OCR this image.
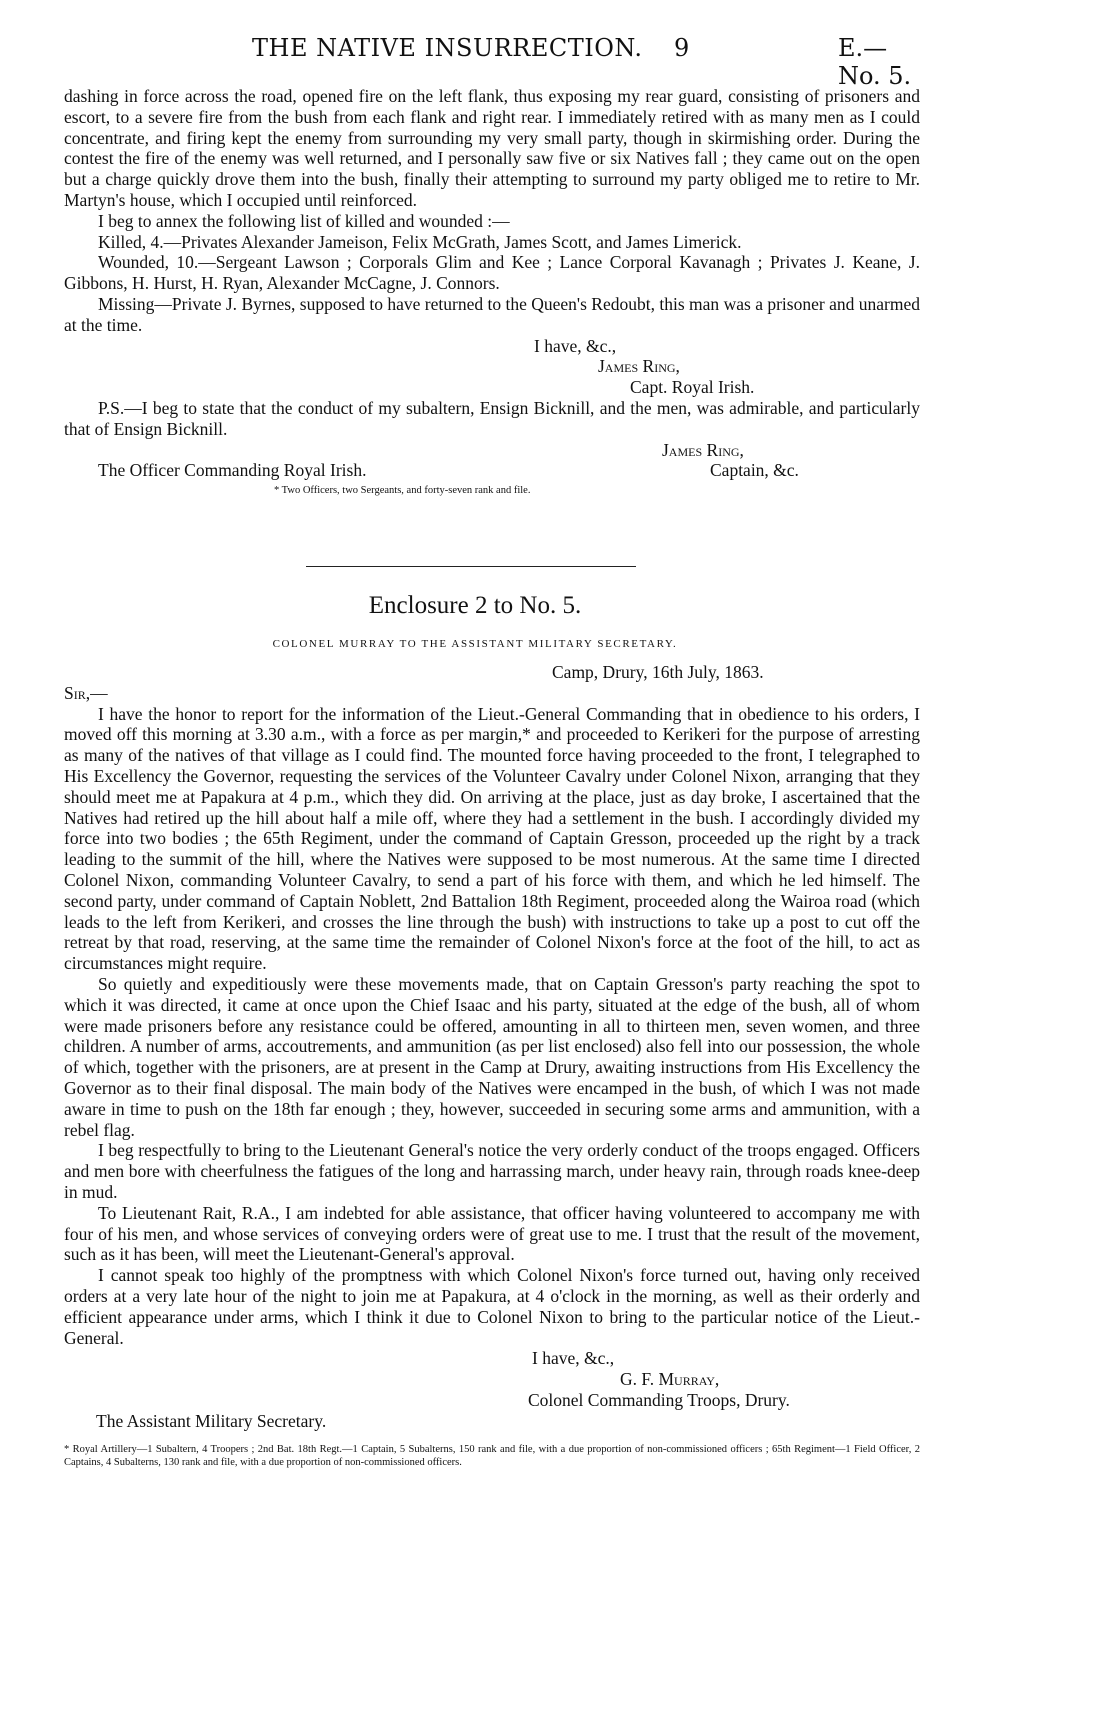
THE NATIVE INSURRECTION. 9	E.—No. 5.

dashing in force across the road, opened fire on the left flank, thus exposing my rear guard, consisting of prisoners and escort, to a severe fire from the bush from each flank and right rear. I immediately retired with as many men as I could concentrate, and firing kept the enemy from surrounding my very small party, though in skirmishing order. During the contest the fire of the enemy was well returned, and I personally saw five or six Natives fall ; they came out on the open but a charge quickly drove them into the bush, finally their attempting to surround my party obliged me to retire to Mr. Martyn's house, which I occupied until reinforced.

I beg to annex the following list of killed and wounded :—

Killed, 4.—Privates Alexander Jameison, Felix McGrath, James Scott, and James Limerick.

Wounded, 10.—Sergeant Lawson ; Corporals Glim and Kee ; Lance Corporal Kavanagh ; Privates J. Keane, J. Gibbons, H. Hurst, H. Ryan, Alexander McCagne, J. Connors.

Missing—Private J. Byrnes, supposed to have returned to the Queen's Redoubt, this man was a prisoner and unarmed at the time.

I have, &c.,

James Ring,

Capt. Royal Irish.

P.S.—I beg to state that the conduct of my subaltern, Ensign Bicknill, and the men, was admirable, and particularly that of Ensign Bicknill.

James Ring,

The Officer Commanding Royal Irish.	Captain, &c.

* Two Officers, two Sergeants, and forty-seven rank and file.

Enclosure 2 to No. 5.
COLONEL MURRAY TO THE ASSISTANT MILITARY SECRETARY.

Camp, Drury, 16th July, 1863.

Sir,—

I have the honor to report for the information of the Lieut.-General Commanding that in obedience to his orders, I moved off this morning at 3.30 a.m., with a force as per margin,* and proceeded to Kerikeri for the purpose of arresting as many of the natives of that village as I could find. The mounted force having proceeded to the front, I telegraphed to His Excellency the Governor, requesting the services of the Volunteer Cavalry under Colonel Nixon, arranging that they should meet me at Papakura at 4 p.m., which they did. On arriving at the place, just as day broke, I ascertained that the Natives had retired up the hill about half a mile off, where they had a settlement in the bush. I accordingly divided my force into two bodies ; the 65th Regiment, under the command of Captain Gresson, proceeded up the right by a track leading to the summit of the hill, where the Natives were supposed to be most numerous. At the same time I directed Colonel Nixon, commanding Volunteer Cavalry, to send a part of his force with them, and which he led himself. The second party, under command of Captain Noblett, 2nd Battalion 18th Regiment, proceeded along the Wairoa road (which leads to the left from Kerikeri, and crosses the line through the bush) with instructions to take up a post to cut off the retreat by that road, reserving, at the same time the remainder of Colonel Nixon's force at the foot of the hill, to act as circumstances might require.

So quietly and expeditiously were these movements made, that on Captain Gresson's party reaching the spot to which it was directed, it came at once upon the Chief Isaac and his party, situated at the edge of the bush, all of whom were made prisoners before any resistance could be offered, amounting in all to thirteen men, seven women, and three children. A number of arms, accoutrements, and ammunition (as per list enclosed) also fell into our possession, the whole of which, together with the prisoners, are at present in the Camp at Drury, awaiting instructions from His Excellency the Governor as to their final disposal. The main body of the Natives were encamped in the bush, of which I was not made aware in time to push on the 18th far enough ; they, however, succeeded in securing some arms and ammunition, with a rebel flag.

I beg respectfully to bring to the Lieutenant General's notice the very orderly conduct of the troops engaged. Officers and men bore with cheerfulness the fatigues of the long and harrassing march, under heavy rain, through roads knee-deep in mud.

To Lieutenant Rait, R.A., I am indebted for able assistance, that officer having volunteered to accompany me with four of his men, and whose services of conveying orders were of great use to me. I trust that the result of the movement, such as it has been, will meet the Lieutenant-General's approval.

I cannot speak too highly of the promptness with which Colonel Nixon's force turned out, having only received orders at a very late hour of the night to join me at Papakura, at 4 o'clock in the morning, as well as their orderly and efficient appearance under arms, which I think it due to Colonel Nixon to bring to the particular notice of the Lieut.-General.

I have, &c.,

G. F. Murray,

Colonel Commanding Troops, Drury.

The Assistant Military Secretary.

* Royal Artillery—1 Subaltern, 4 Troopers ; 2nd Bat. 18th Regt.—1 Captain, 5 Subalterns, 150 rank and file, with a due proportion of non-commissioned officers ; 65th Regiment—1 Field Officer, 2 Captains, 4 Subalterns, 130 rank and file, with a due proportion of non-commissioned officers.
